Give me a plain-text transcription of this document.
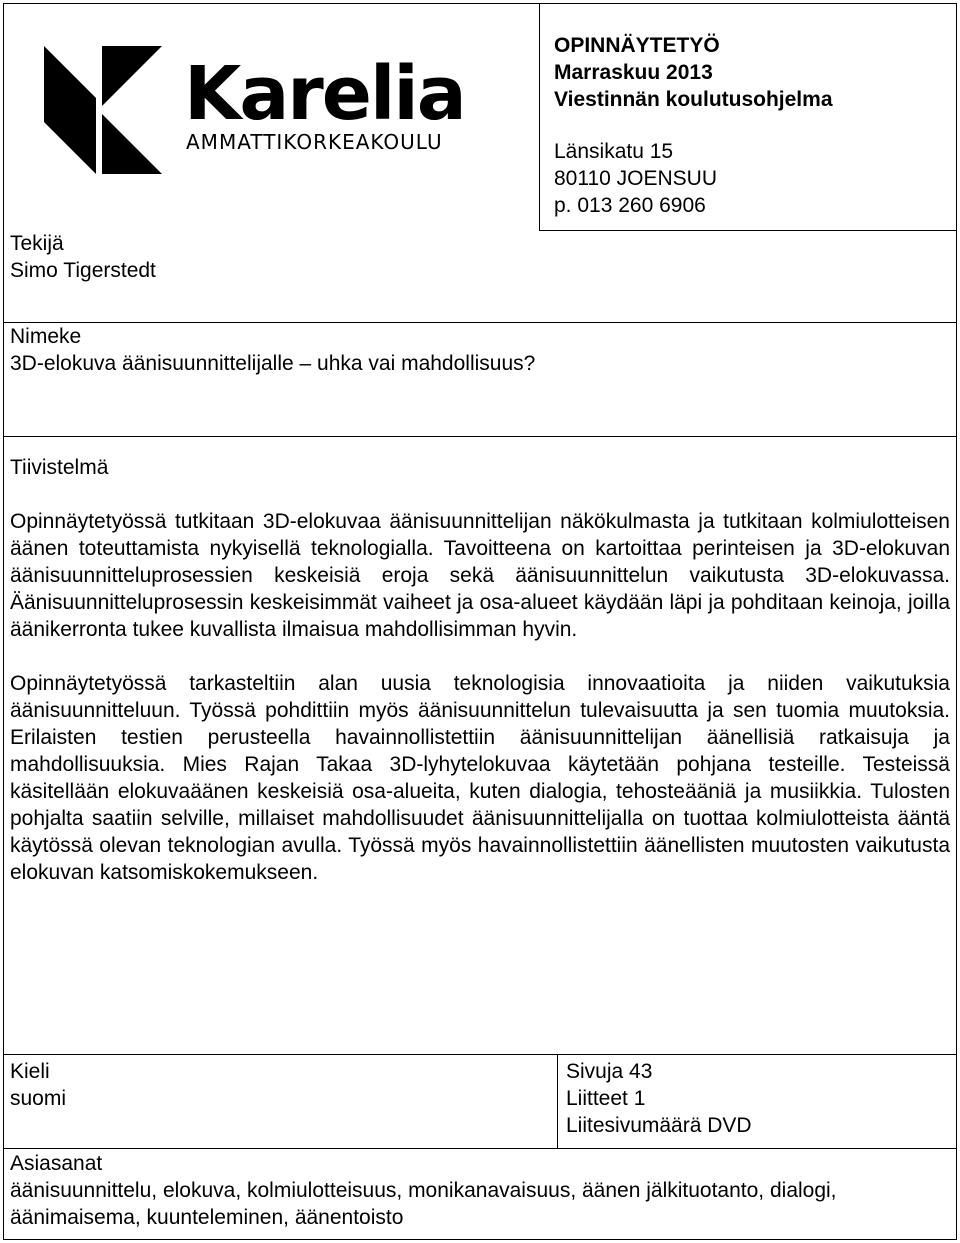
Karelia
AMMATTIKORKEAKOULU
OPINNÄYTETYÖ
Marraskuu 2013
Viestinnän koulutusohjelma
Länsikatu 15
80110 JOENSUU
p. 013 260 6906
Tekijä
Simo Tigerstedt
Nimeke
3D-elokuva äänisuunnittelijalle – uhka vai mahdollisuus?
Tiivistelmä
Opinnäytetyössä tutkitaan 3D-elokuvaa äänisuunnittelijan näkökulmasta ja tutkitaan kolmiulotteisen äänen toteuttamista nykyisellä teknologialla. Tavoitteena on kartoittaa perinteisen ja 3D-elokuvan äänisuunnitteluprosessien keskeisiä eroja sekä äänisuunnittelun vaikutusta 3D-elokuvassa. Äänisuunnitteluprosessin keskeisimmät vaiheet ja osa-alueet käydään läpi ja pohditaan keinoja, joilla äänikerronta tukee kuvallista ilmaisua mahdollisimman hyvin.
Opinnäytetyössä tarkasteltiin alan uusia teknologisia innovaatioita ja niiden vaikutuksia äänisuunnitteluun. Työssä pohdittiin myös äänisuunnittelun tulevaisuutta ja sen tuomia muutoksia. Erilaisten testien perusteella havainnollistettiin äänisuunnittelijan äänellisiä ratkaisuja ja mahdollisuuksia. Mies Rajan Takaa 3D-lyhytelokuvaa käytetään pohjana testeille. Testeissä käsitellään elokuvaäänen keskeisiä osa-alueita, kuten dialogia, tehosteääniä ja musiikkia. Tulosten pohjalta saatiin selville, millaiset mahdollisuudet äänisuunnittelijalla on tuottaa kolmiulotteista ääntä käytössä olevan teknologian avulla. Työssä myös havainnollistettiin äänellisten muutosten vaikutusta elokuvan katsomiskokemukseen.
Kieli
suomi
Sivuja 43
Liitteet 1
Liitesivumäärä DVD
Asiasanat
äänisuunnittelu, elokuva, kolmiulotteisuus, monikanavaisuus, äänen jälkituotanto, dialogi, äänimaisema, kuunteleminen, äänentoisto
